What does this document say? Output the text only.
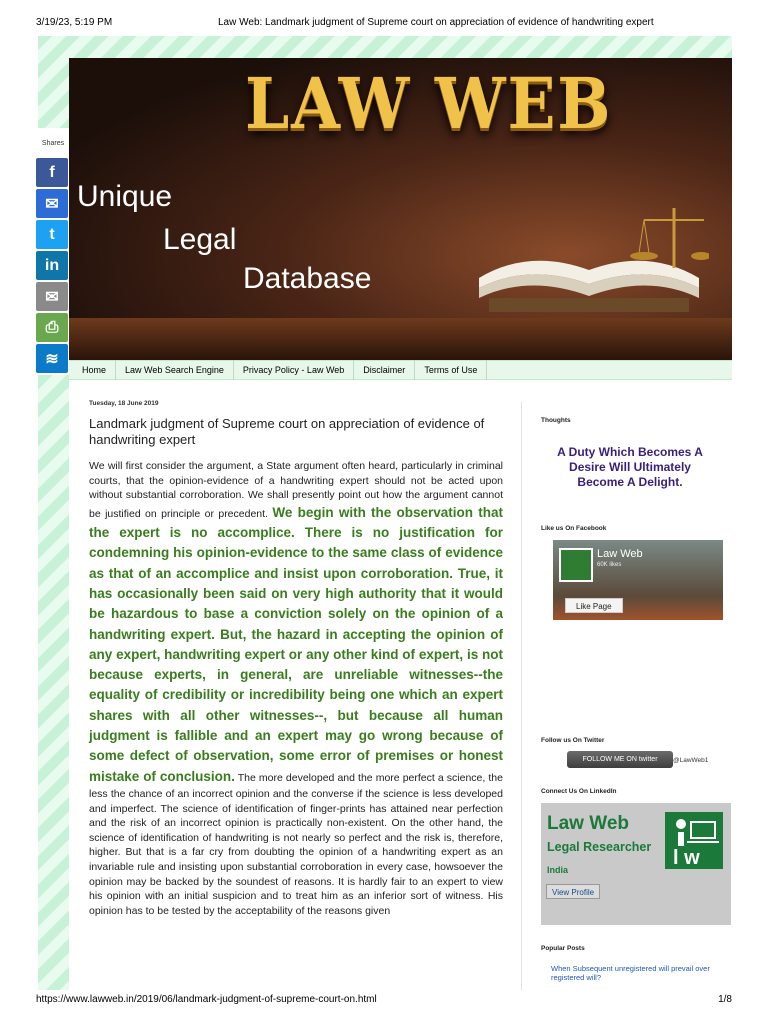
3/19/23, 5:19 PM	Law Web: Landmark judgment of Supreme court on appreciation of evidence of handwriting expert
Shares
f
✉
t
in
✉
⎙
≋
LAW WEB
Unique
Legal
Database
Home	Law Web Search Engine	Privacy Policy - Law Web	Disclaimer	Terms of Use
Tuesday, 18 June 2019
Landmark judgment of Supreme court on appreciation of evidence of handwriting expert
We will first consider the argument, a State argument often heard, particularly in criminal courts, that the opinion-evidence of a handwriting expert should not be acted upon without substantial corroboration. We shall presently point out how the argument cannot be justified on principle or precedent. We begin with the observation that the expert is no accomplice. There is no justification for condemning his opinion-evidence to the same class of evidence as that of an accomplice and insist upon corroboration. True, it has occasionally been said on very high authority that it would be hazardous to base a conviction solely on the opinion of a handwriting expert. But, the hazard in accepting the opinion of any expert, handwriting expert or any other kind of expert, is not because experts, in general, are unreliable witnesses--the equality of credibility or incredibility being one which an expert shares with all other witnesses--, but because all human judgment is fallible and an expert may go wrong because of some defect of observation, some error of premises or honest mistake of conclusion. The more developed and the more perfect a science, the less the chance of an incorrect opinion and the converse if the science is less developed and imperfect. The science of identification of finger-prints has attained near perfection and the risk of an incorrect opinion is practically non-existent. On the other hand, the science of identification of handwriting is not nearly so perfect and the risk is, therefore, higher. But that is a far cry from doubting the opinion of a handwriting expert as an invariable rule and insisting upon substantial corroboration in every case, howsoever the opinion may be backed by the soundest of reasons. It is hardly fair to an expert to view his opinion with an initial suspicion and to treat him as an inferior sort of witness. His opinion has to be tested by the acceptability of the reasons given
Thoughts
A Duty Which Becomes A Desire Will Ultimately Become A Delight.
Like us On Facebook
Law Web
60K likes
Like Page
Follow us On Twitter
FOLLOW ME ON twitter	@LawWeb1
Connect Us On LinkedIn
Law Web
Legal Researcher
India
l w
View Profile
Popular Posts
When Subsequent unregistered will prevail over registered will?
https://www.lawweb.in/2019/06/landmark-judgment-of-supreme-court-on.html	1/8
